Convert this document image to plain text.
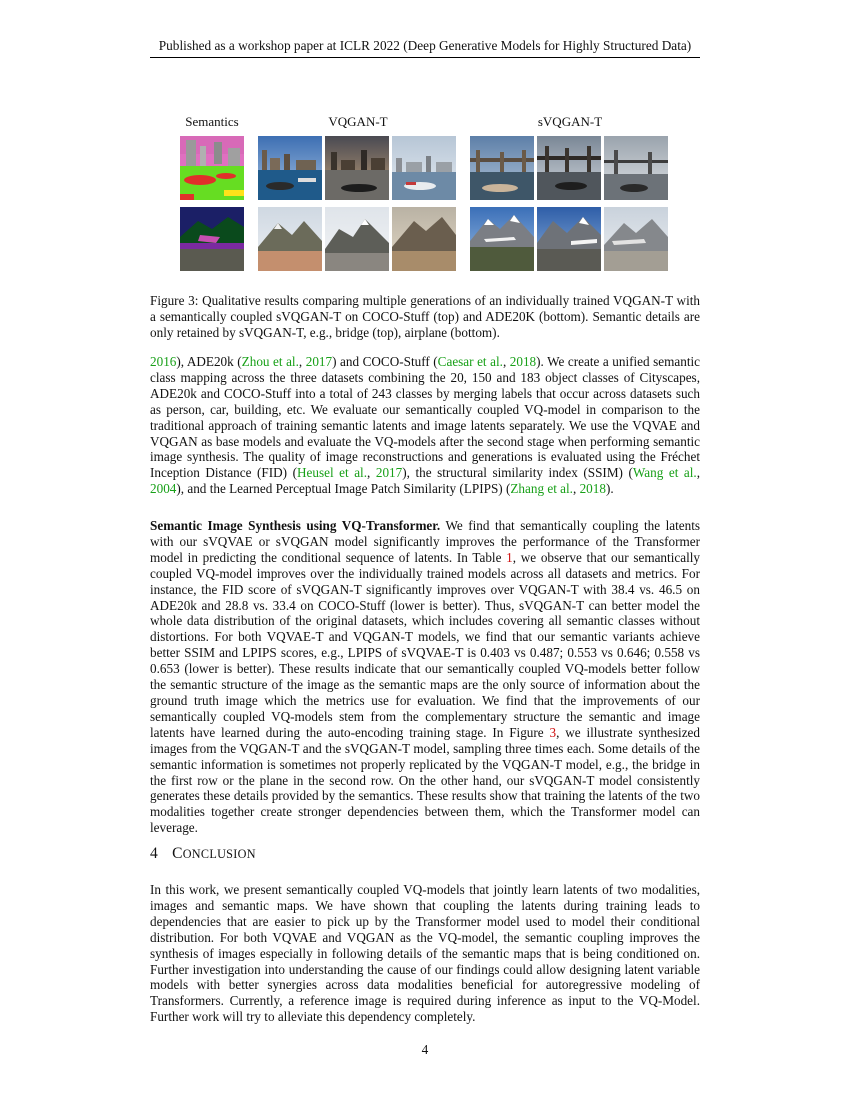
Published as a workshop paper at ICLR 2022 (Deep Generative Models for Highly Structured Data)
Semantics	VQGAN-T	sVQGAN-T
Figure 3: Qualitative results comparing multiple generations of an individually trained VQGAN-T with a semantically coupled sVQGAN-T on COCO-Stuff (top) and ADE20K (bottom). Semantic details are only retained by sVQGAN-T, e.g., bridge (top), airplane (bottom).
2016), ADE20k (Zhou et al., 2017) and COCO-Stuff (Caesar et al., 2018). We create a unified semantic class mapping across the three datasets combining the 20, 150 and 183 object classes of Cityscapes, ADE20k and COCO-Stuff into a total of 243 classes by merging labels that occur across datasets such as person, car, building, etc. We evaluate our semantically coupled VQ-model in comparison to the traditional approach of training semantic latents and image latents separately. We use the VQVAE and VQGAN as base models and evaluate the VQ-models after the second stage when performing semantic image synthesis. The quality of image reconstructions and generations is evaluated using the Fréchet Inception Distance (FID) (Heusel et al., 2017), the structural similarity index (SSIM) (Wang et al., 2004), and the Learned Perceptual Image Patch Similarity (LPIPS) (Zhang et al., 2018).
Semantic Image Synthesis using VQ-Transformer. We find that semantically coupling the latents with our sVQVAE or sVQGAN model significantly improves the performance of the Transformer model in predicting the conditional sequence of latents. In Table 1, we observe that our semantically coupled VQ-model improves over the individually trained models across all datasets and metrics. For instance, the FID score of sVQGAN-T significantly improves over VQGAN-T with 38.4 vs. 46.5 on ADE20k and 28.8 vs. 33.4 on COCO-Stuff (lower is better). Thus, sVQGAN-T can better model the whole data distribution of the original datasets, which includes covering all semantic classes without distortions. For both VQVAE-T and VQGAN-T models, we find that our semantic variants achieve better SSIM and LPIPS scores, e.g., LPIPS of sVQVAE-T is 0.403 vs 0.487; 0.553 vs 0.646; 0.558 vs 0.653 (lower is better). These results indicate that our semantically coupled VQ-models better follow the semantic structure of the image as the semantic maps are the only source of information about the ground truth image which the metrics use for evaluation. We find that the improvements of our semantically coupled VQ-models stem from the complementary structure the semantic and image latents have learned during the auto-encoding training stage. In Figure 3, we illustrate synthesized images from the VQGAN-T and the sVQGAN-T model, sampling three times each. Some details of the semantic information is sometimes not properly replicated by the VQGAN-T model, e.g., the bridge in the first row or the plane in the second row. On the other hand, our sVQGAN-T model consistently generates these details provided by the semantics. These results show that training the latents of the two modalities together create stronger dependencies between them, which the Transformer model can leverage.
4 CONCLUSION
In this work, we present semantically coupled VQ-models that jointly learn latents of two modalities, images and semantic maps. We have shown that coupling the latents during training leads to dependencies that are easier to pick up by the Transformer model used to model their conditional distribution. For both VQVAE and VQGAN as the VQ-model, the semantic coupling improves the synthesis of images especially in following details of the semantic maps that is being conditioned on. Further investigation into understanding the cause of our findings could allow designing latent variable models with better synergies across data modalities beneficial for autoregressive modeling of Transformers. Currently, a reference image is required during inference as input to the VQ-Model. Further work will try to alleviate this dependency completely.
4
